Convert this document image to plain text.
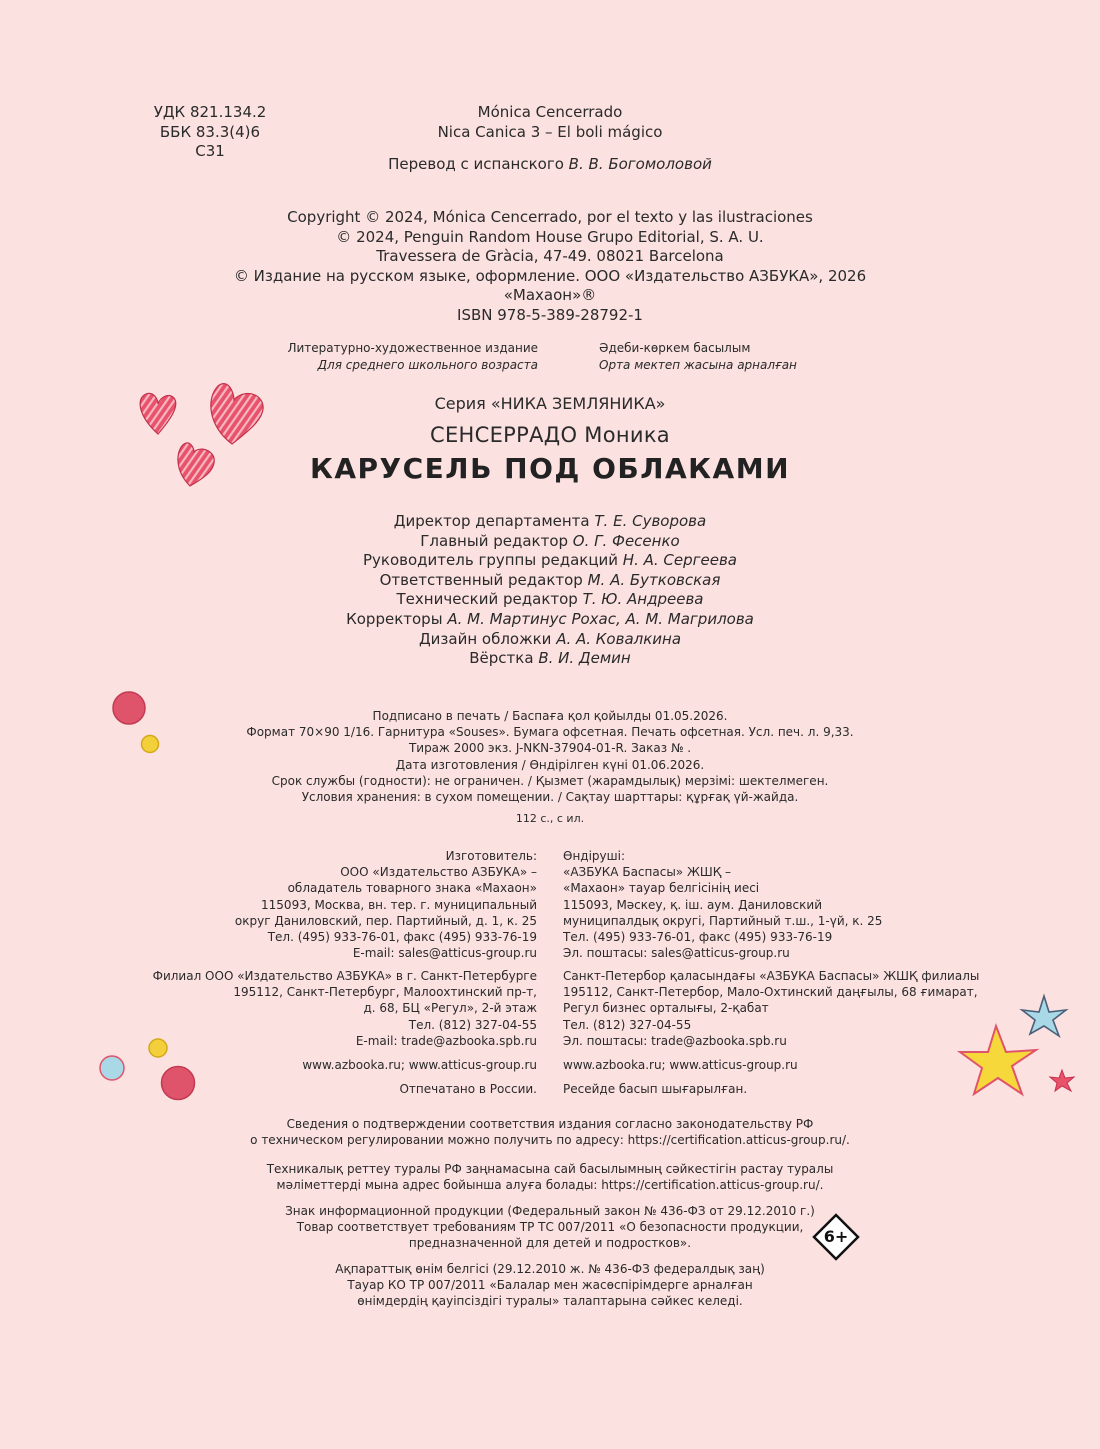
УДК 821.134.2
ББК 83.3(4)6
С31
Mónica Cencerrado
Nica Canica 3 – El boli mágico
Перевод с испанского В. В. Богомоловой
Copyright © 2024, Mónica Cencerrado, por el texto y las ilustraciones
© 2024, Penguin Random House Grupo Editorial, S. A. U.
Travessera de Gràcia, 47-49. 08021 Barcelona
© Издание на русском языке, оформление. ООО «Издательство АЗБУКА», 2026
«Махаон»®
ISBN 978-5-389-28792-1
Литературно-художественное издание
Для среднего школьного возраста
Әдеби-көркем басылым
Орта мектеп жасына арналған
Серия «НИКА ЗЕМЛЯНИКА»
СЕНСЕРРАДО Моника
КАРУСЕЛЬ ПОД ОБЛАКАМИ
Директор департамента Т. Е. Суворова
Главный редактор О. Г. Фесенко
Руководитель группы редакций Н. А. Сергеева
Ответственный редактор М. А. Бутковская
Технический редактор Т. Ю. Андреева
Корректоры А. М. Мартинус Рохас, А. М. Магрилова
Дизайн обложки А. А. Ковалкина
Вёрстка В. И. Демин
Подписано в печать / Баспаға қол қойылды 01.05.2026.
Формат 70×90 1/16. Гарнитура «Souses». Бумага офсетная. Печать офсетная. Усл. печ. л. 9,33.
Тираж 2000 экз. J-NKN-37904-01-R. Заказ № .
Дата изготовления / Өндірілген күні 01.06.2026.
Срок службы (годности): не ограничен. / Қызмет (жарамдылық) мерзімі: шектелмеген.
Условия хранения: в сухом помещении. / Сақтау шарттары: құрғақ үй-жайда.
112 с., с ил.
Изготовитель:
ООО «Издательство АЗБУКА» –
обладатель товарного знака «Махаон»
115093, Москва, вн. тер. г. муниципальный
округ Даниловский, пер. Партийный, д. 1, к. 25
Тел. (495) 933-76-01, факс (495) 933-76-19
E-mail: sales@atticus-group.ru
Өндіруші:
«АЗБУКА Баспасы» ЖШҚ –
«Махаон» тауар белгісінің иесі
115093, Мәскеу, қ. іш. аум. Даниловский
муниципалдық округі, Партийный т.ш., 1-үй, к. 25
Тел. (495) 933-76-01, факс (495) 933-76-19
Эл. поштасы: sales@atticus-group.ru
Филиал ООО «Издательство АЗБУКА» в г. Санкт-Петербурге
195112, Санкт-Петербург, Малоохтинский пр-т,
д. 68, БЦ «Регул», 2-й этаж
Тел. (812) 327-04-55
E-mail: trade@azbooka.spb.ru
Санкт-Петербор қаласындағы «АЗБУКА Баспасы» ЖШҚ филиалы
195112, Санкт-Петербор, Мало-Охтинский даңғылы, 68 ғимарат,
Регул бизнес орталығы, 2-қабат
Тел. (812) 327-04-55
Эл. поштасы: trade@azbooka.spb.ru
www.azbooka.ru; www.atticus-group.ru www.azbooka.ru; www.atticus-group.ru
Отпечатано в России. Ресейде басып шығарылған.
Сведения о подтверждении соответствия издания согласно законодательству РФ
о техническом регулировании можно получить по адресу: https://certification.atticus-group.ru/.
Техникалық реттеу туралы РФ заңнамасына сай басылымның сәйкестігін растау туралы
мәліметтерді мына адрес бойынша алуға болады: https://certification.atticus-group.ru/.
Знак информационной продукции (Федеральный закон № 436-ФЗ от 29.12.2010 г.)
Товар соответствует требованиям ТР ТС 007/2011 «О безопасности продукции,
предназначенной для детей и подростков».
Ақпараттық өнім белгісі (29.12.2010 ж. № 436-ФЗ федералдық заң)
Тауар КО ТР 007/2011 «Балалар мен жасөспірімдерге арналған
өнімдердің қауіпсіздігі туралы» талаптарына сәйкес келеді.
6+
